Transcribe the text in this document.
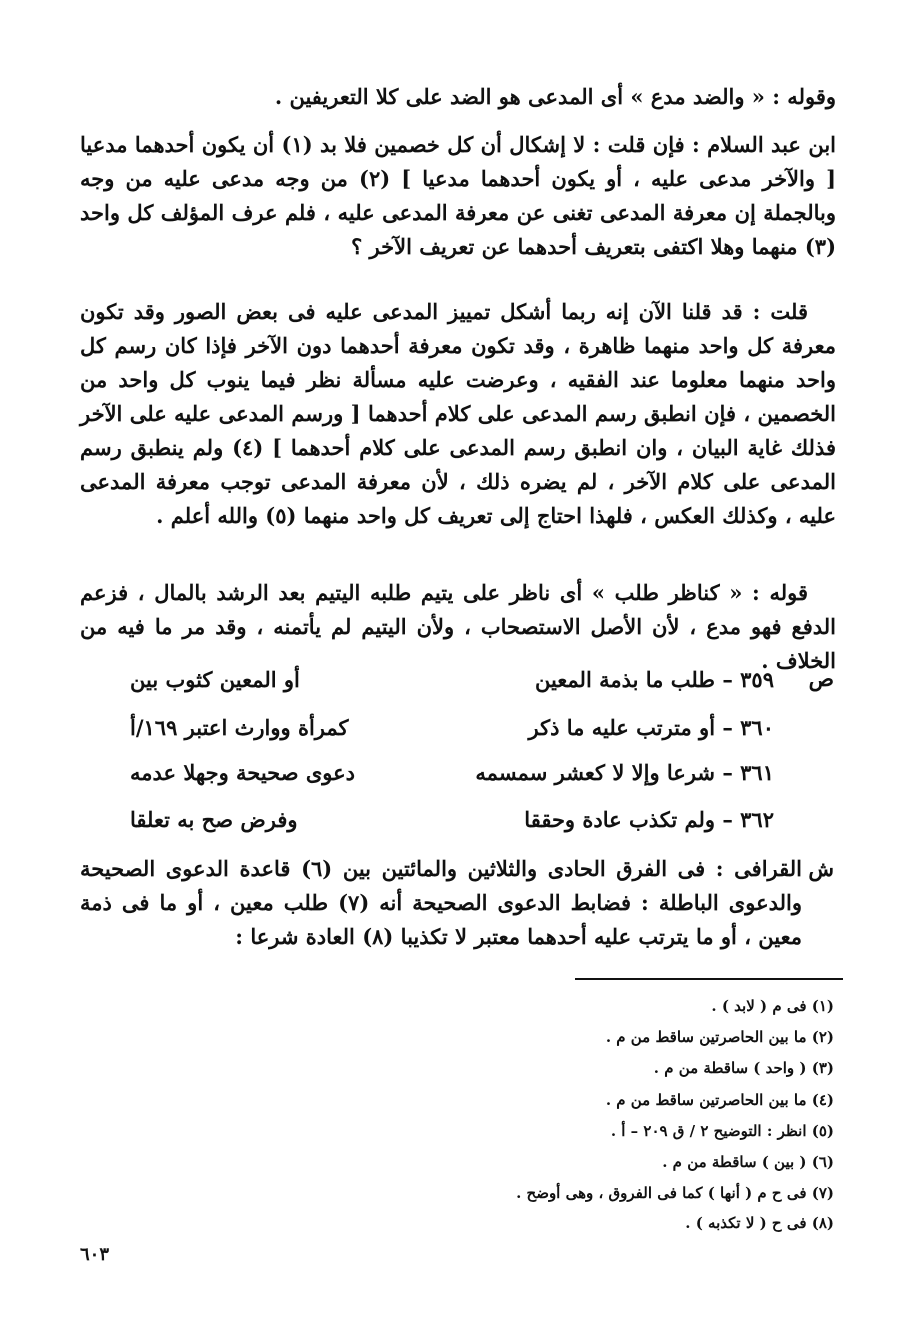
وقوله : « والضد مدع » أى المدعى هو الضد على كلا التعريفين .
ابن عبد السلام : فإن قلت : لا إشكال أن كل خصمين فلا بد (١) أن يكون أحدهما مدعيا [ والآخر مدعى عليه ، أو يكون أحدهما مدعيا ] (٢) من وجه مدعى عليه من وجه وبالجملة إن معرفة المدعى تغنى عن معرفة المدعى عليه ، فلم عرف المؤلف كل واحد (٣) منهما وهلا اكتفى بتعريف أحدهما عن تعريف الآخر ؟
قلت : قد قلنا الآن إنه ربما أشكل تمييز المدعى عليه فى بعض الصور وقد تكون معرفة كل واحد منهما ظاهرة ، وقد تكون معرفة أحدهما دون الآخر فإذا كان رسم كل واحد منهما معلوما عند الفقيه ، وعرضت عليه مسألة نظر فيما ينوب كل واحد من الخصمين ، فإن انطبق رسم المدعى على كلام أحدهما [ ورسم المدعى عليه على الآخر فذلك غاية البيان ، وان انطبق رسم المدعى على كلام أحدهما ] (٤) ولم ينطبق رسم المدعى على كلام الآخر ، لم يضره ذلك ، لأن معرفة المدعى توجب معرفة المدعى عليه ، وكذلك العكس ، فلهذا احتاج إلى تعريف كل واحد منهما (٥) والله أعلم .
قوله : « كناظر طلب » أى ناظر على يتيم طلبه اليتيم بعد الرشد بالمال ، فزعم الدفع فهو مدع ، لأن الأصل الاستصحاب ، ولأن اليتيم لم يأتمنه ، وقد مر ما فيه من الخلاف .
ص
٣٥٩ – طلب ما بذمة المعين
أو المعين كثوب بين
٣٦٠ – أو مترتب عليه ما ذكر
كمرأة ووارث اعتبر ١٦٩/أ
٣٦١ – شرعا وإلا لا كعشر سمسمه
دعوى صحيحة وجهلا عدمه
٣٦٢ – ولم تكذب عادة وحققا
وفرض صح به تعلقا
ش
القرافى : فى الفرق الحادى والثلاثين والمائتين بين (٦) قاعدة الدعوى الصحيحة والدعوى الباطلة : فضابط الدعوى الصحيحة أنه (٧) طلب معين ، أو ما فى ذمة معين ، أو ما يترتب عليه أحدهما معتبر لا تكذيبا (٨) العادة شرعا :
(١) فى م ( لابد ) .
(٢) ما بين الحاصرتين ساقط من م .
(٣) ( واحد ) ساقطة من م .
(٤) ما بين الحاصرتين ساقط من م .
(٥) انظر : التوضيح ٢ / ق ٢٠٩ – أ .
(٦) ( بين ) ساقطة من م .
(٧) فى ح م ( أنها ) كما فى الفروق ، وهى أوضح .
(٨) فى ح ( لا تكذبه ) .
٦٠٣
